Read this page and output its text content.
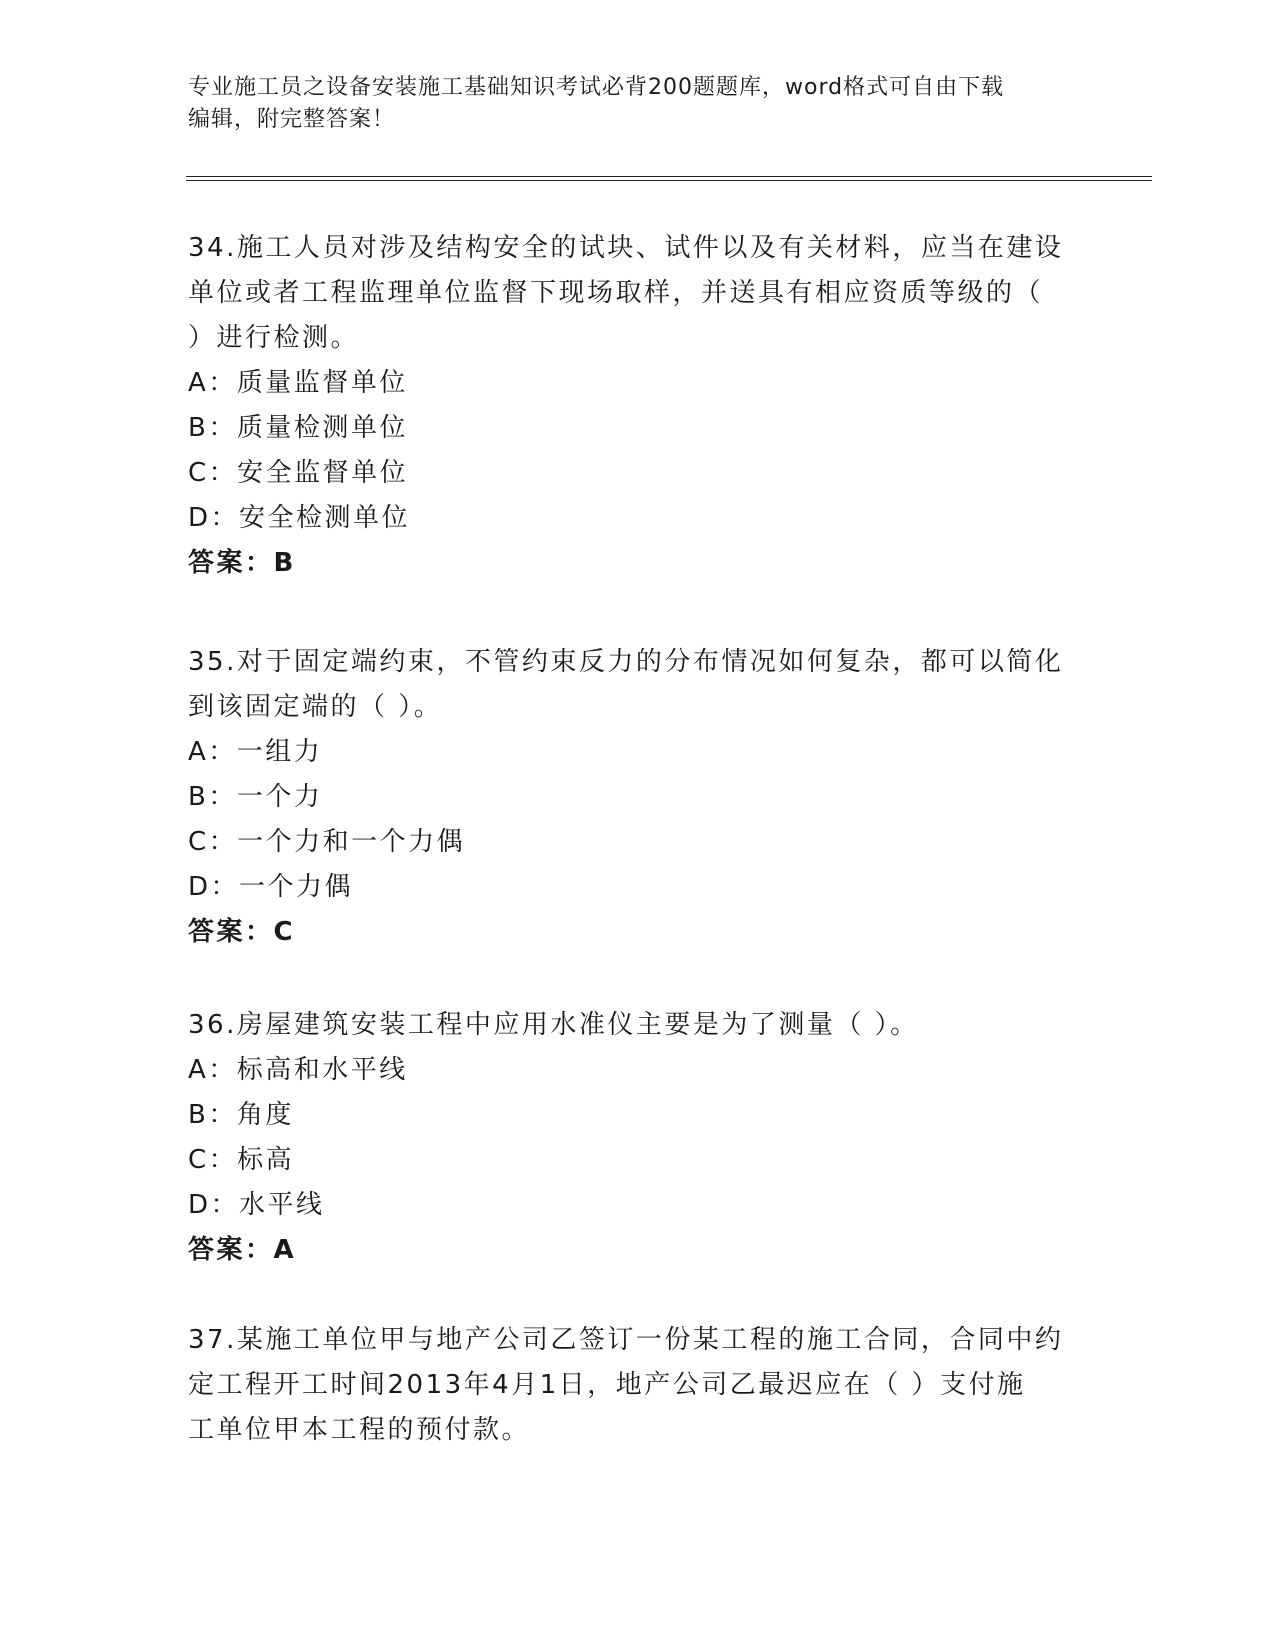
专业施工员之设备安装施工基础知识考试必背200题题库，word格式可自由下载
编辑，附完整答案！
34.施工人员对涉及结构安全的试块、试件以及有关材料，应当在建设
单位或者工程监理单位监督下现场取样，并送具有相应资质等级的（
）进行检测。
A：质量监督单位
B：质量检测单位
C：安全监督单位
D：安全检测单位
答案：B
35.对于固定端约束，不管约束反力的分布情况如何复杂，都可以简化
到该固定端的（ ）。
A：一组力
B：一个力
C：一个力和一个力偶
D：一个力偶
答案：C
36.房屋建筑安装工程中应用水准仪主要是为了测量（ ）。
A：标高和水平线
B：角度
C：标高
D：水平线
答案：A
37.某施工单位甲与地产公司乙签订一份某工程的施工合同，合同中约
定工程开工时间2013年4月1日，地产公司乙最迟应在（ ）支付施
工单位甲本工程的预付款。
